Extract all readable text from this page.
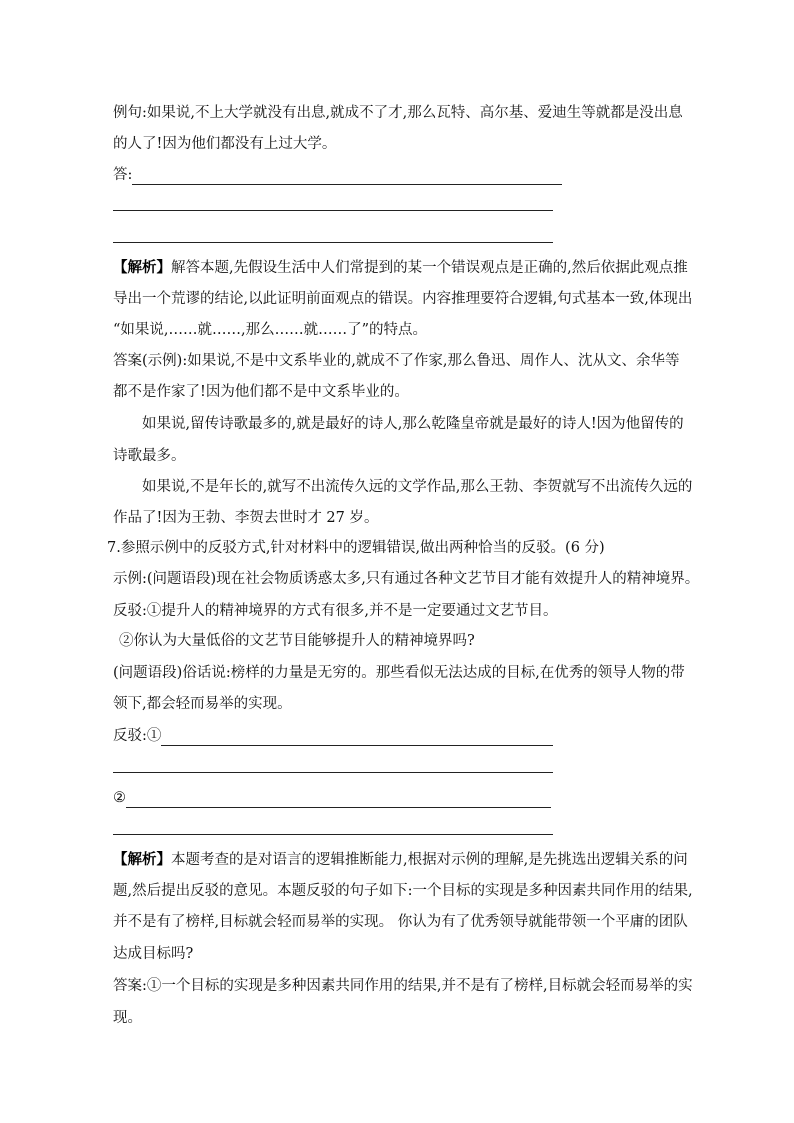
例句:如果说,不上大学就没有出息,就成不了才,那么瓦特、高尔基、爱迪生等就都是没出息
的人了!因为他们都没有上过大学。
答:
【解析】解答本题,先假设生活中人们常提到的某一个错误观点是正确的,然后依据此观点推
导出一个荒谬的结论,以此证明前面观点的错误。内容推理要符合逻辑,句式基本一致,体现出
“如果说,……就……,那么……就……了”的特点。
答案(示例):如果说,不是中文系毕业的,就成不了作家,那么鲁迅、周作人、沈从文、余华等
都不是作家了!因为他们都不是中文系毕业的。
如果说,留传诗歌最多的,就是最好的诗人,那么乾隆皇帝就是最好的诗人!因为他留传的
诗歌最多。
如果说,不是年长的,就写不出流传久远的文学作品,那么王勃、李贺就写不出流传久远的
作品了!因为王勃、李贺去世时才 27 岁。
7.参照示例中的反驳方式,针对材料中的逻辑错误,做出两种恰当的反驳。(6 分)
示例:(问题语段)现在社会物质诱惑太多,只有通过各种文艺节目才能有效提升人的精神境界。
反驳:①提升人的精神境界的方式有很多,并不是一定要通过文艺节目。
②你认为大量低俗的文艺节目能够提升人的精神境界吗?
(问题语段)俗话说:榜样的力量是无穷的。那些看似无法达成的目标,在优秀的领导人物的带
领下,都会轻而易举的实现。
反驳:①
②
【解析】本题考查的是对语言的逻辑推断能力,根据对示例的理解,是先挑选出逻辑关系的问
题,然后提出反驳的意见。本题反驳的句子如下:一个目标的实现是多种因素共同作用的结果,
并不是有了榜样,目标就会轻而易举的实现。 你认为有了优秀领导就能带领一个平庸的团队
达成目标吗?
答案:①一个目标的实现是多种因素共同作用的结果,并不是有了榜样,目标就会轻而易举的实
现。
